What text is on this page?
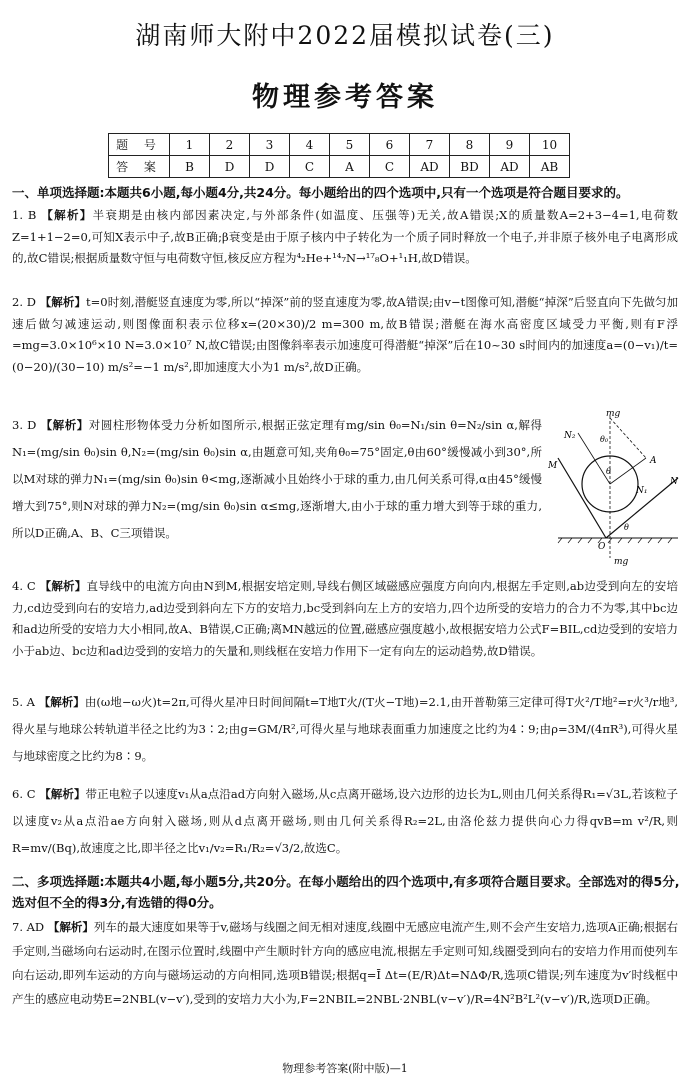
湖南师大附中2022届模拟试卷(三)
物理参考答案
题 号	1	2	3	4	5	6	7	8	9	10
答 案	B	D	D	C	A	C	AD	BD	AD	AB
一、单项选择题:本题共6小题,每小题4分,共24分。每小题给出的四个选项中,只有一个选项是符合题目要求的。
1. B 【解析】半衰期是由核内部因素决定,与外部条件(如温度、压强等)无关,故A错误;X的质量数A=2+3−4=1,电荷数Z=1+1−2=0,可知X表示中子,故B正确;β衰变是由于原子核内中子转化为一个质子同时释放一个电子,并非原子核外电子电离形成的,故C错误;根据质量数守恒与电荷数守恒,核反应方程为⁴₂He+¹⁴₇N→¹⁷₈O+¹₁H,故D错误。
2. D 【解析】t=0时刻,潜艇竖直速度为零,所以“掉深”前的竖直速度为零,故A错误;由v−t图像可知,潜艇“掉深”后竖直向下先做匀加速后做匀减速运动,则图像面积表示位移x=(20×30)/2 m=300 m,故B错误;潜艇在海水高密度区域受力平衡,则有F浮=mg=3.0×10⁶×10 N=3.0×10⁷ N,故C错误;由图像斜率表示加速度可得潜艇“掉深”后在10~30 s时间内的加速度a=(0−v₁)/t=(0−20)/(30−10) m/s²=−1 m/s²,即加速度大小为1 m/s²,故D正确。
3. D 【解析】对圆柱形物体受力分析如图所示,根据正弦定理有mg/sin θ₀=N₁/sin θ=N₂/sin α,解得N₁=(mg/sin θ₀)sin θ,N₂=(mg/sin θ₀)sin α,由题意可知,夹角θ₀=75°固定,θ由60°缓慢减小到30°,所以M对球的弹力N₁=(mg/sin θ₀)sin θ<mg,逐渐减小且始终小于球的重力,由几何关系可得,α由45°缓慢增大到75°,则N对球的弹力N₂=(mg/sin θ₀)sin α≤mg,逐渐增大,由小于球的重力增大到等于球的重力,所以D正确,A、B、C三项错误。
mg
N₂	θ₀
M	A
N
N₁
θ
θ
O
mg
4. C 【解析】直导线中的电流方向由N到M,根据安培定则,导线右侧区域磁感应强度方向向内,根据左手定则,ab边受到向左的安培力,cd边受到向右的安培力,ad边受到斜向左下方的安培力,bc受到斜向左上方的安培力,四个边所受的安培力的合力不为零,其中bc边和ad边所受的安培力大小相同,故A、B错误,C正确;离MN越远的位置,磁感应强度越小,故根据安培力公式F=BIL,cd边受到的安培力小于ab边、bc边和ad边受到的安培力的矢量和,则线框在安培力作用下一定有向左的运动趋势,故D错误。
5. A 【解析】由(ω地−ω火)t=2π,可得火星冲日时间间隔t=T地T火/(T火−T地)=2.1,由开普勒第三定律可得T火²/T地²=r火³/r地³,得火星与地球公转轨道半径之比约为3∶2;由g=GM/R²,可得火星与地球表面重力加速度之比约为4∶9;由ρ=3M/(4πR³),可得火星与地球密度之比约为8∶9。
6. C 【解析】带正电粒子以速度v₁从a点沿ad方向射入磁场,从c点离开磁场,设六边形的边长为L,则由几何关系得R₁=√3L,若该粒子以速度v₂从a点沿ae方向射入磁场,则从d点离开磁场,则由几何关系得R₂=2L,由洛伦兹力提供向心力得qvB=m v²/R,则R=mv/(Bq),故速度之比,即半径之比v₁/v₂=R₁/R₂=√3/2,故选C。
二、多项选择题:本题共4小题,每小题5分,共20分。在每小题给出的四个选项中,有多项符合题目要求。全部选对的得5分,选对但不全的得3分,有选错的得0分。
7. AD 【解析】列车的最大速度如果等于v,磁场与线圈之间无相对速度,线圈中无感应电流产生,则不会产生安培力,选项A正确;根据右手定则,当磁场向右运动时,在图示位置时,线圈中产生顺时针方向的感应电流,根据左手定则可知,线圈受到向右的安培力作用而使列车向右运动,即列车运动的方向与磁场运动的方向相同,选项B错误;根据q=Ī Δt=(E/R)Δt=NΔΦ/R,选项C错误;列车速度为v′时线框中产生的感应电动势E=2NBL(v−v′),受到的安培力大小为,F=2NBIL=2NBL·2NBL(v−v′)/R=4N²B²L²(v−v′)/R,选项D正确。
物理参考答案(附中版)—1
